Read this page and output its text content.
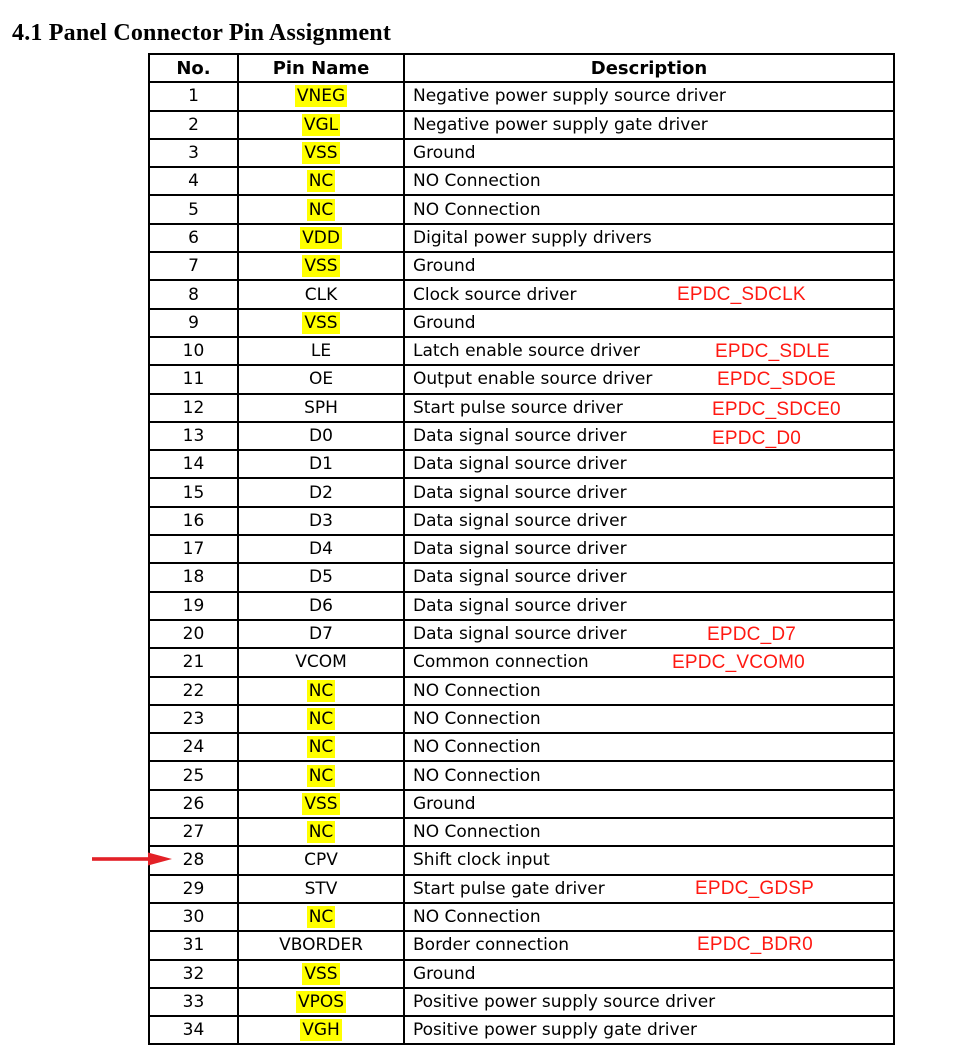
4.1 Panel Connector Pin Assignment
No.	Pin Name	Description
1	VNEG	Negative power supply source driver
2	VGL	Negative power supply gate driver
3	VSS	Ground
4	NC	NO Connection
5	NC	NO Connection
6	VDD	Digital power supply drivers
7	VSS	Ground
8	CLK	Clock source driver EPDC_SDCLK

9	VSS	Ground
10	LE	Latch enable source driver EPDC_SDLE

11	OE	Output enable source driver EPDC_SDOE

12	SPH	Start pulse source driver EPDC_SDCE0

13	D0	Data signal source driver EPDC_D0

14	D1	Data signal source driver
15	D2	Data signal source driver
16	D3	Data signal source driver
17	D4	Data signal source driver
18	D5	Data signal source driver
19	D6	Data signal source driver
20	D7	Data signal source driver EPDC_D7

21	VCOM	Common connection EPDC_VCOM0

22	NC	NO Connection
23	NC	NO Connection
24	NC	NO Connection
25	NC	NO Connection
26	VSS	Ground
27	NC	NO Connection
28	CPV	Shift clock input
29	STV	Start pulse gate driver EPDC_GDSP

30	NC	NO Connection
31	VBORDER	Border connection EPDC_BDR0

32	VSS	Ground
33	VPOS	Positive power supply source driver
34	VGH	Positive power supply gate driver
